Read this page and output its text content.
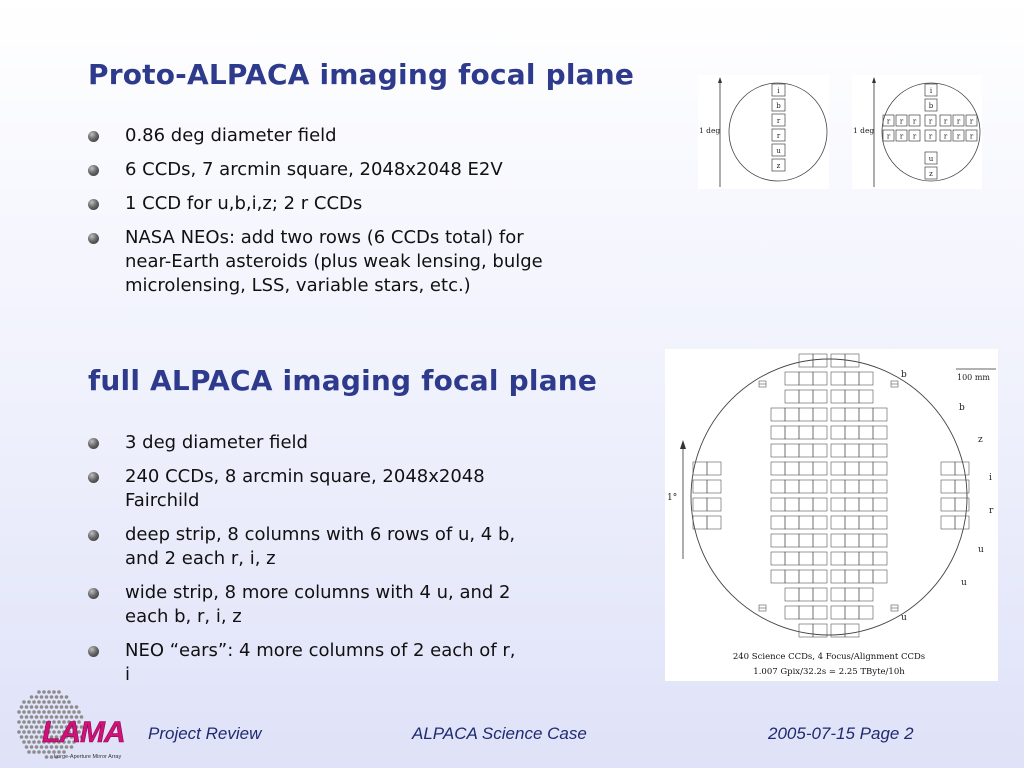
Proto-ALPACA imaging focal plane
0.86 deg diameter field
6 CCDs, 7 arcmin square, 2048x2048 E2V
1 CCD for u,b,i,z; 2 r CCDs
NASA NEOs: add two rows (6 CCDs total) for near-Earth asteroids (plus weak lensing, bulge microlensing, LSS, variable stars, etc.)
full ALPACA imaging focal plane
3 deg diameter field
240 CCDs, 8 arcmin square, 2048x2048 Fairchild
deep strip, 8 columns with 6 rows of u, 4 b, and 2 each r, i, z
wide strip, 8 more columns with 4 u, and 2 each b, r, i, z
NEO “ears”: 4 more columns of 2 each of r, i
1 deg
i
b
r
r
u
z
1 deg
i
b
u
z
r r r r r r r
r r r r r r r
1°
100 mm
b
b
z
i
r
u
u
u
240 Science CCDs, 4 Focus/Alignment CCDs
1.007 Gpix/32.2s = 2.25 TByte/10h
LAMA
Large-Aperture Mirror Array
Project Review	ALPACA Science Case	2005-07-15 Page 2
